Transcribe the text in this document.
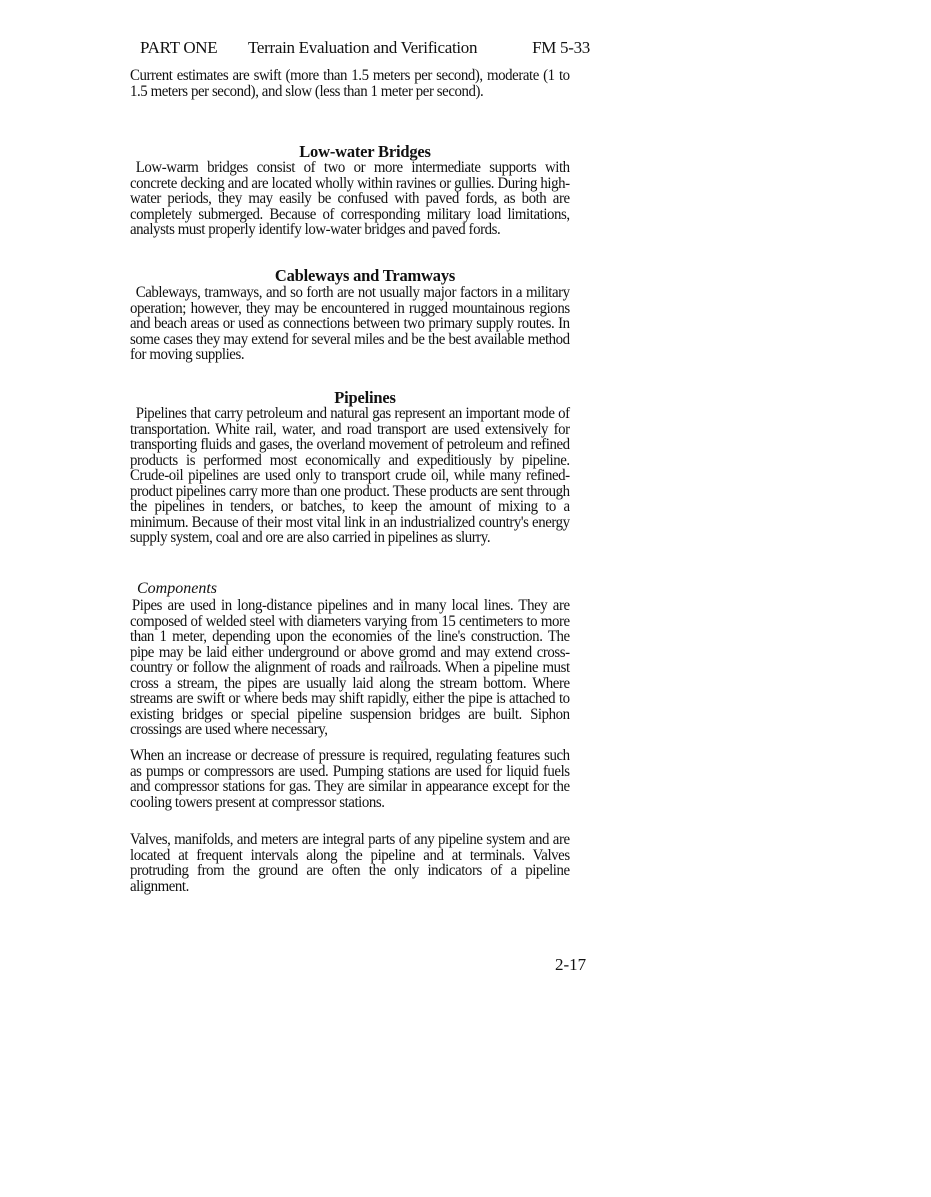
PART ONE Terrain Evaluation and Verification	FM 5-33

Current estimates are swift (more than 1.5 meters per second), moderate (1 to 1.5 meters per second), and slow (less than 1 meter per second).

Low-water Bridges

Low-warm bridges consist of two or more intermediate supports with concrete decking and are located wholly within ravines or gullies. During high-water periods, they may easily be confused with paved fords, as both are completely submerged. Because of corresponding military load limitations, analysts must properly identify low-water bridges and paved fords.

Cableways and Tramways

Cableways, tramways, and so forth are not usually major factors in a military operation; however, they may be encountered in rugged mountainous regions and beach areas or used as connections between two primary supply routes. In some cases they may extend for several miles and be the best available method for moving supplies.

Pipelines

Pipelines that carry petroleum and natural gas represent an important mode of transportation. White rail, water, and road transport are used extensively for transporting fluids and gases, the overland movement of petroleum and refined products is performed most economically and expeditiously by pipeline. Crude-oil pipelines are used only to transport crude oil, while many refined-product pipelines carry more than one product. These products are sent through the pipelines in tenders, or batches, to keep the amount of mixing to a minimum. Because of their most vital link in an industrialized country's energy supply system, coal and ore are also carried in pipelines as slurry.

Components

Pipes are used in long-distance pipelines and in many local lines. They are composed of welded steel with diameters varying from 15 centimeters to more than 1 meter, depending upon the economies of the line's construction. The pipe may be laid either underground or above gromd and may extend cross-country or follow the alignment of roads and railroads. When a pipeline must cross a stream, the pipes are usually laid along the stream bottom. Where streams are swift or where beds may shift rapidly, either the pipe is attached to existing bridges or special pipeline suspension bridges are built. Siphon crossings are used where necessary,

When an increase or decrease of pressure is required, regulating features such as pumps or compressors are used. Pumping stations are used for liquid fuels and compressor stations for gas. They are similar in appearance except for the cooling towers present at compressor stations.

Valves, manifolds, and meters are integral parts of any pipeline system and are located at frequent intervals along the pipeline and at terminals. Valves protruding from the ground are often the only indicators of a pipeline alignment.

2-17
